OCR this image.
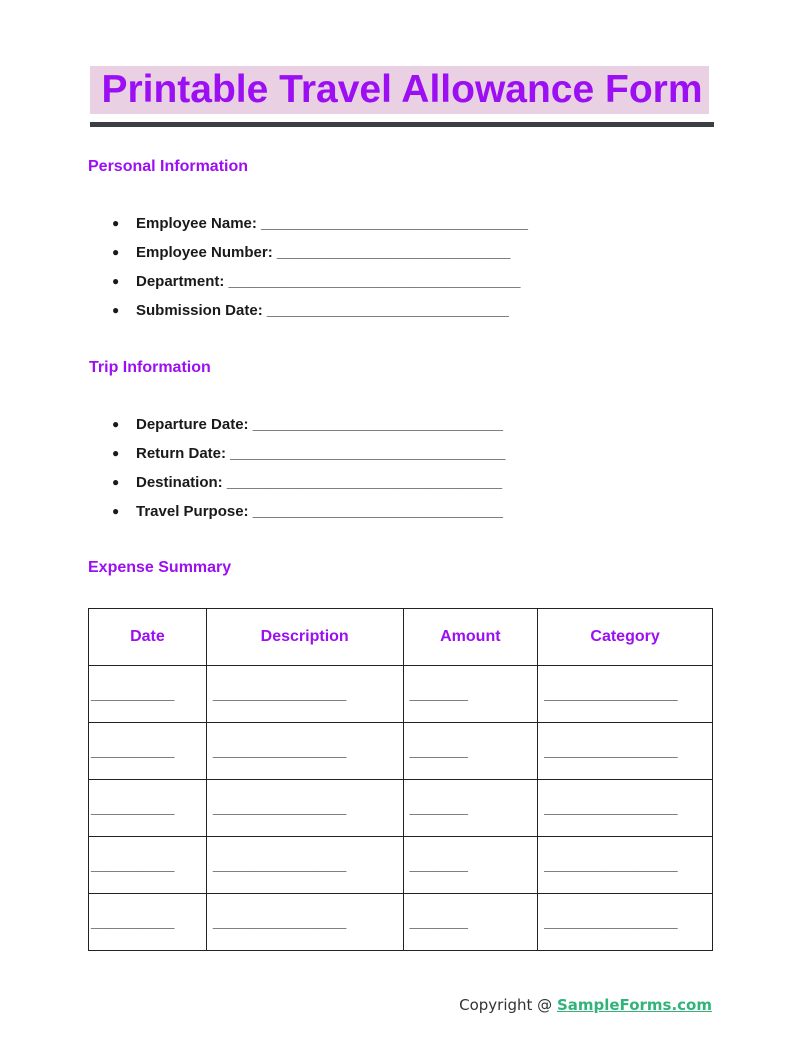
Printable Travel Allowance Form
Personal Information
● Employee Name: ________________________________
● Employee Number: ____________________________
● Department: ___________________________________
● Submission Date: _____________________________
Trip Information
● Departure Date: ______________________________
● Return Date: _________________________________
● Destination: _________________________________
● Travel Purpose: ______________________________
Expense Summary
Date	Description	Amount	Category
__________	________________	_______	________________
__________	________________	_______	________________
__________	________________	_______	________________
__________	________________	_______	________________
__________	________________	_______	________________
Copyright @ SampleForms.com
